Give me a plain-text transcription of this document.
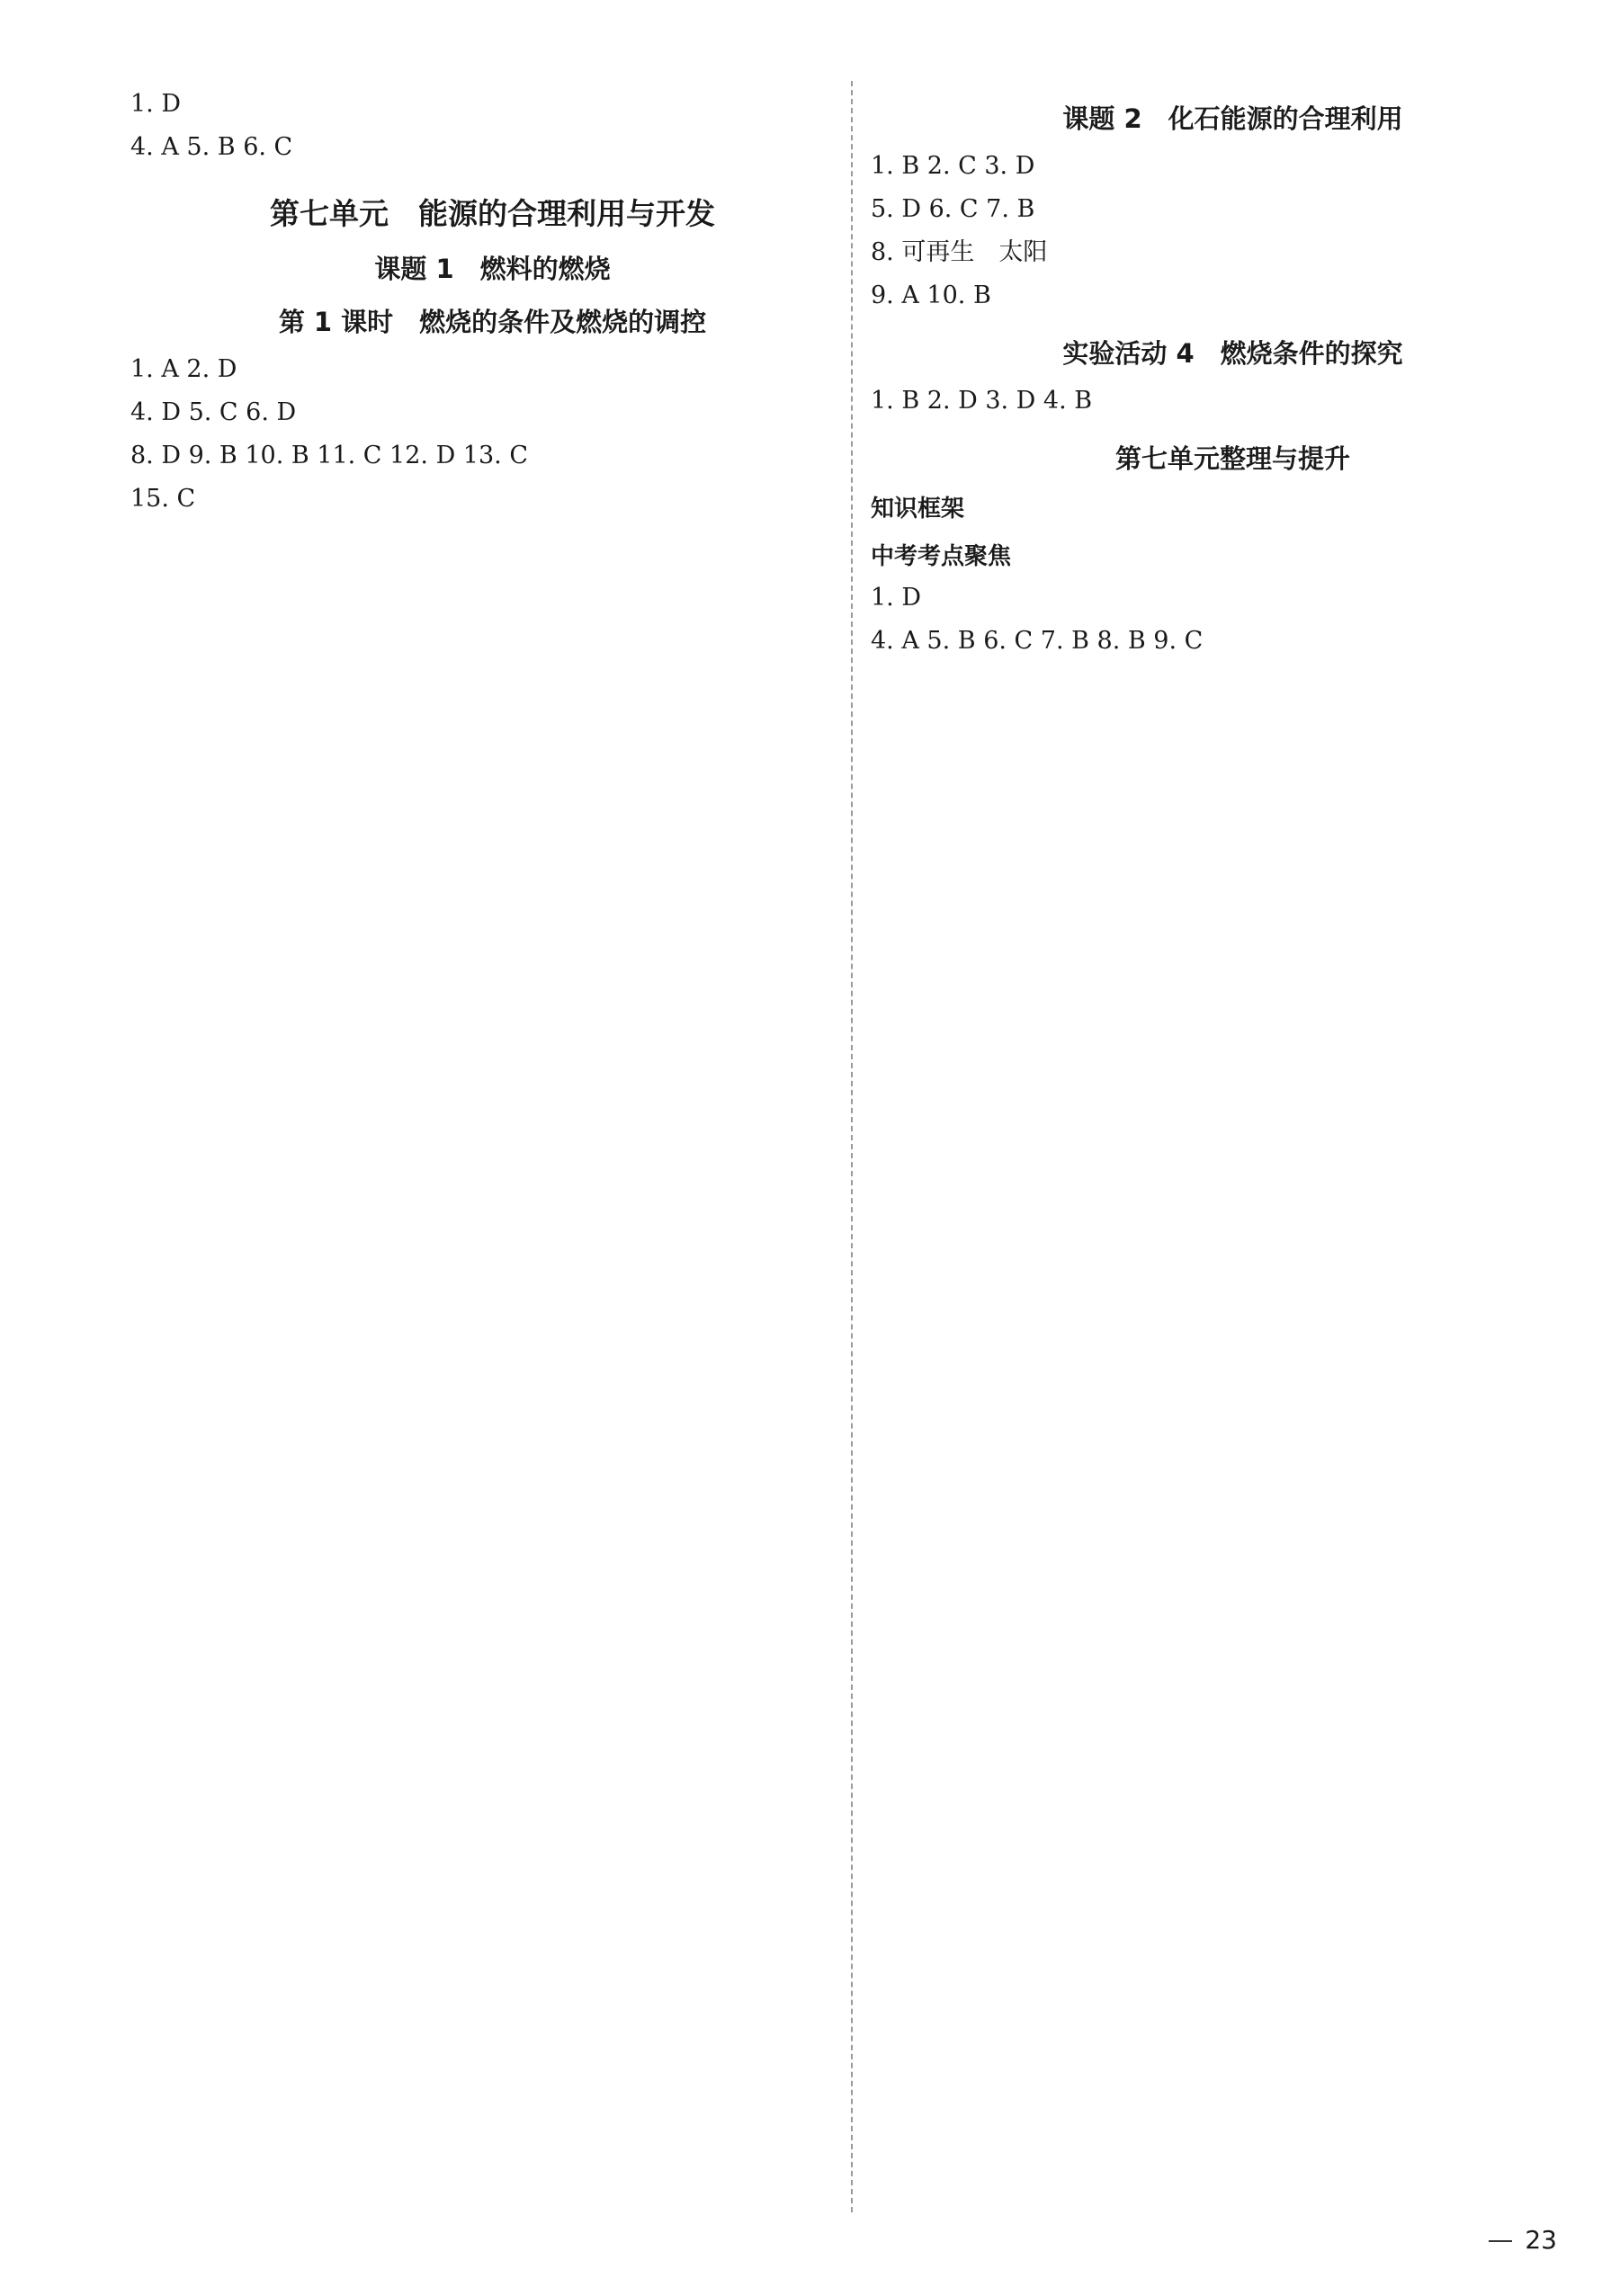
1. D
4. A 5. B 6. C
第七单元　能源的合理利用与开发
课题 1　燃料的燃烧
第 1 课时　燃烧的条件及燃烧的调控
1. A 2. D
4. D 5. C 6. D
8. D 9. B 10. B 11. C 12. D 13. C
15. C
课题 2　化石能源的合理利用
1. B 2. C 3. D
5. D 6. C 7. B
8. 可再生　太阳
9. A 10. B
实验活动 4　燃烧条件的探究
1. B 2. D 3. D 4. B
第七单元整理与提升
知识框架
中考考点聚焦
1. D
4. A 5. B 6. C 7. B 8. B 9. C
23
